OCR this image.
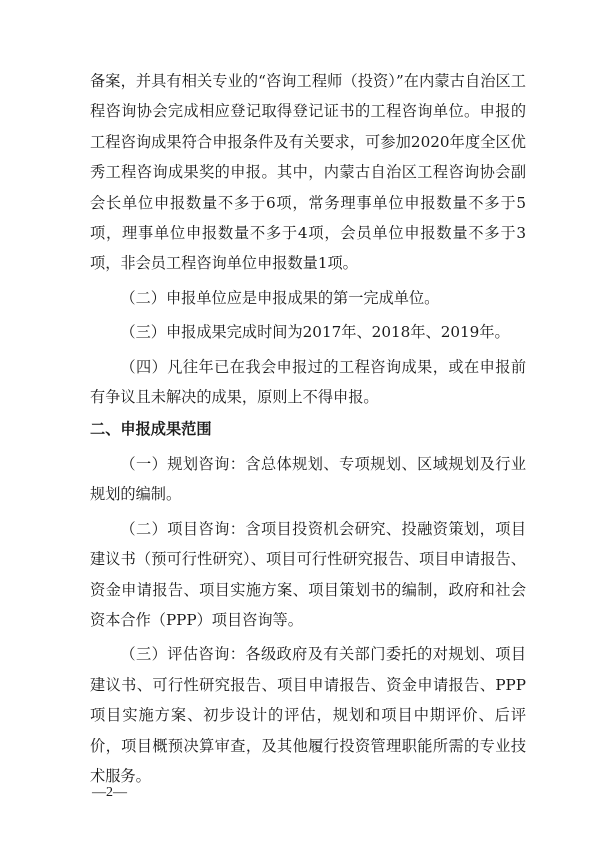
备案，并具有相关专业的“咨询工程师（投资）”在内蒙古自治区工程咨询协会完成相应登记取得登记证书的工程咨询单位。申报的工程咨询成果符合申报条件及有关要求，可参加2020年度全区优秀工程咨询成果奖的申报。其中，内蒙古自治区工程咨询协会副会长单位申报数量不多于6项，常务理事单位申报数量不多于5项，理事单位申报数量不多于4项，会员单位申报数量不多于3项，非会员工程咨询单位申报数量1项。

（二）申报单位应是申报成果的第一完成单位。

（三）申报成果完成时间为2017年、2018年、2019年。

（四）凡往年已在我会申报过的工程咨询成果，或在申报前有争议且未解决的成果，原则上不得申报。

二、申报成果范围

（一）规划咨询：含总体规划、专项规划、区域规划及行业规划的编制。

（二）项目咨询：含项目投资机会研究、投融资策划，项目建议书（预可行性研究）、项目可行性研究报告、项目申请报告、资金申请报告、项目实施方案、项目策划书的编制，政府和社会资本合作（PPP）项目咨询等。

（三）评估咨询：各级政府及有关部门委托的对规划、项目建议书、可行性研究报告、项目申请报告、资金申请报告、PPP项目实施方案、初步设计的评估，规划和项目中期评价、后评价，项目概预决算审查，及其他履行投资管理职能所需的专业技术服务。

—2—
